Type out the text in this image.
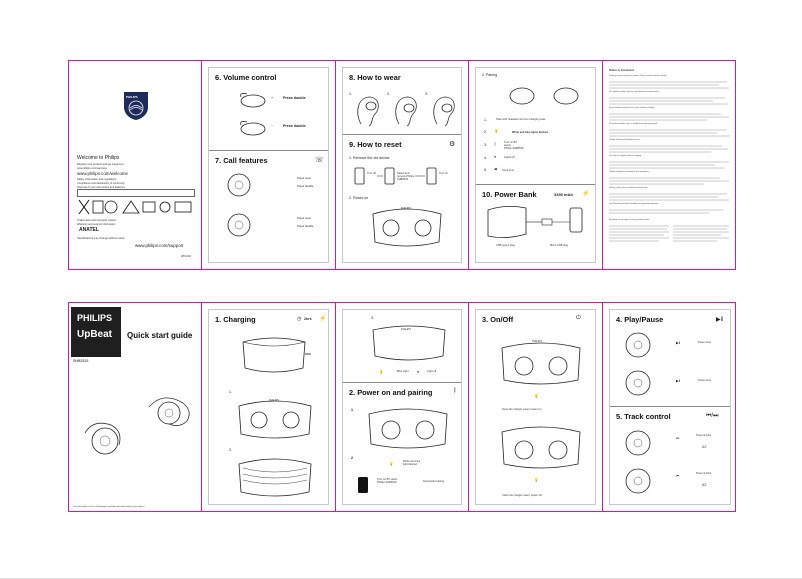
PHILIPS
Welcome to Philips
Register your product and get support at
www.philips.com/welcome
www.philips.com/welcome
Safety information and regulations
Compliance and declaration of conformity
Disposal of your old product and batteries
Trademarks and copyright notices
Warranty and support information
ANATEL
Specifications may change without notice
www.philips.com/support
WK2132
6. Volume control
+	Press double
−	Press double
7. Call features	☏
Press once
Press double
Press once
Press double
8. How to wear
1.	2.	3.
9. How to reset	⚙
1. Remove the old device
Turn off	Select and remove Philips SHB2515
Turn on
2. Power on
PHILIPS
2. Pairing
1.	Take both headsets out from charging case
2. 💡	White and blue lights flashed
3. ▯	Turn on BT
select
Philips SHB2515
4. ●	Lights off
5. ◀ Voice tone
10. Power Bank	3350 mAh ⚡
USB type A plug	Micro USB plug
Notice to Customers
Thank you for purchasing this product. Please read the manual carefully.
This product complies with the radio interference requirements.
Keep headsets away from heat, water and direct sunlight.
Do not disassemble, repair or modify the product by yourself.
Charge the battery fully before first use.
Use only the supplied cable for charging.
Dispose of batteries according to local regulations.
Hearing safety: listen at moderate volume levels.
The Bluetooth word mark and logos are registered trademarks.
Specifications are subject to change without notice.
PHILIPS
UpBeat
SHB2515
Quick start guide
Visit www.philips.com for all languages available and online help for your product
1. Charging	◷ 2hrs ⚡
1.
PHILIPS
2.
3.
PHILIPS
💡	Blue Light	●	Light off
2. Power on and pairing	ᛒ
1
2
💡
White and blue light flashed
Turn on BT select Philips SHB2515	Successful pairing
3. On/Off	⏻
PHILIPS
💡
Open the charger case= power on
💡
Close the charger case= power off
4. Play/Pause	▶‖
▶‖	Press once
▶‖	Press once
5. Track control	⏮/⏭
⏭
Press & hold
02
⏮
Press & hold
02
